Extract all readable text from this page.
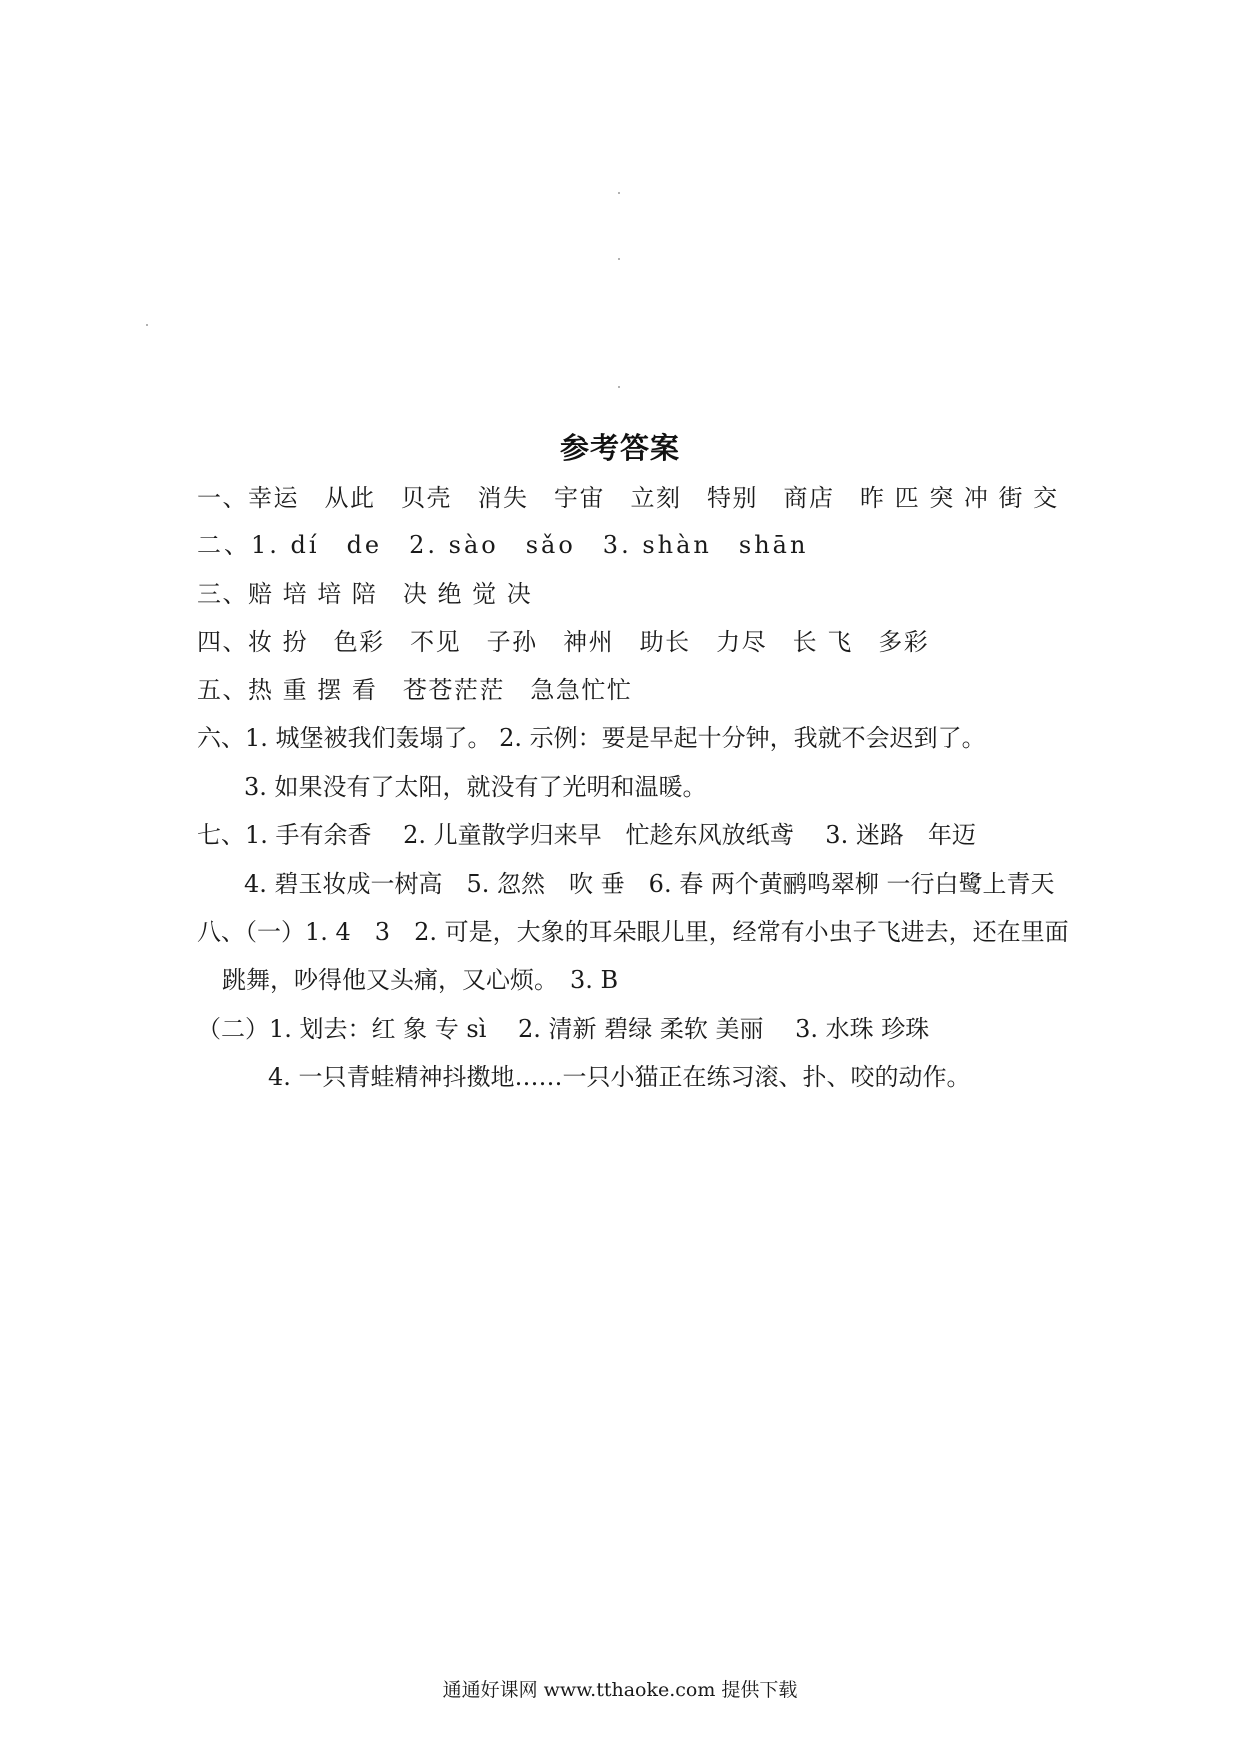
参考答案
一、幸运　从此　贝壳　消失　宇宙　立刻　特别　商店　昨 匹 突 冲 街 交
二、1. dí　de　2. sào　sǎo　3. shàn　shān
三、赔 培 培 陪　决 绝 觉 决
四、妆 扮　色彩　不见　子孙　神州　助长　力尽　长 飞　多彩
五、热 重 摆 看　苍苍茫茫　急急忙忙
六、1. 城堡被我们轰塌了。 2. 示例：要是早起十分钟，我就不会迟到了。
3. 如果没有了太阳，就没有了光明和温暖。
七、1. 手有余香　 2. 儿童散学归来早　忙趁东风放纸鸢　 3. 迷路　年迈
4. 碧玉妆成一树高　5. 忽然　吹 垂　6. 春 两个黄鹂鸣翠柳 一行白鹭上青天
八、（一）1. 4　3　2. 可是，大象的耳朵眼儿里，经常有小虫子飞进去，还在里面
跳舞，吵得他又头痛，又心烦。　3. B
（二）1. 划去：红 象 专 sì　 2. 清新 碧绿 柔软 美丽　 3. 水珠 珍珠
4. 一只青蛙精神抖擞地……一只小猫正在练习滚、扑、咬的动作。
通通好课网 www.tthaoke.com 提供下载
